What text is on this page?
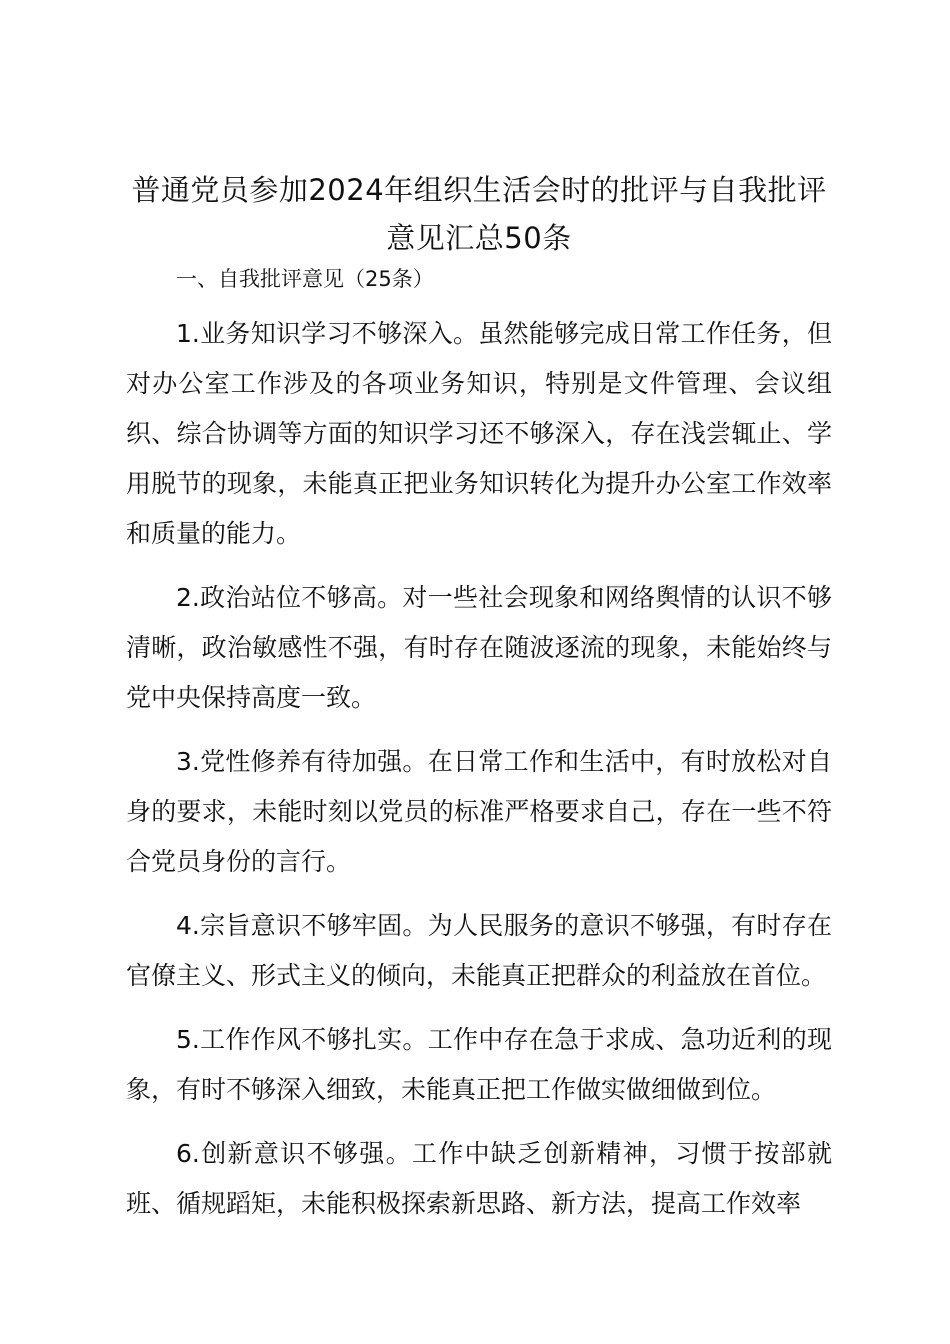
普通党员参加2024年组织生活会时的批评与自我批评
意见汇总50条

一、自我批评意见（25条）

1.业务知识学习不够深入。虽然能够完成日常工作任务，但对办公室工作涉及的各项业务知识，特别是文件管理、会议组织、综合协调等方面的知识学习还不够深入，存在浅尝辄止、学用脱节的现象，未能真正把业务知识转化为提升办公室工作效率和质量的能力。

2.政治站位不够高。对一些社会现象和网络舆情的认识不够清晰，政治敏感性不强，有时存在随波逐流的现象，未能始终与党中央保持高度一致。

3.党性修养有待加强。在日常工作和生活中，有时放松对自身的要求，未能时刻以党员的标准严格要求自己，存在一些不符合党员身份的言行。

4.宗旨意识不够牢固。为人民服务的意识不够强，有时存在官僚主义、形式主义的倾向，未能真正把群众的利益放在首位。

5.工作作风不够扎实。工作中存在急于求成、急功近利的现象，有时不够深入细致，未能真正把工作做实做细做到位。

6.创新意识不够强。工作中缺乏创新精神，习惯于按部就班、循规蹈矩，未能积极探索新思路、新方法，提高工作效率
